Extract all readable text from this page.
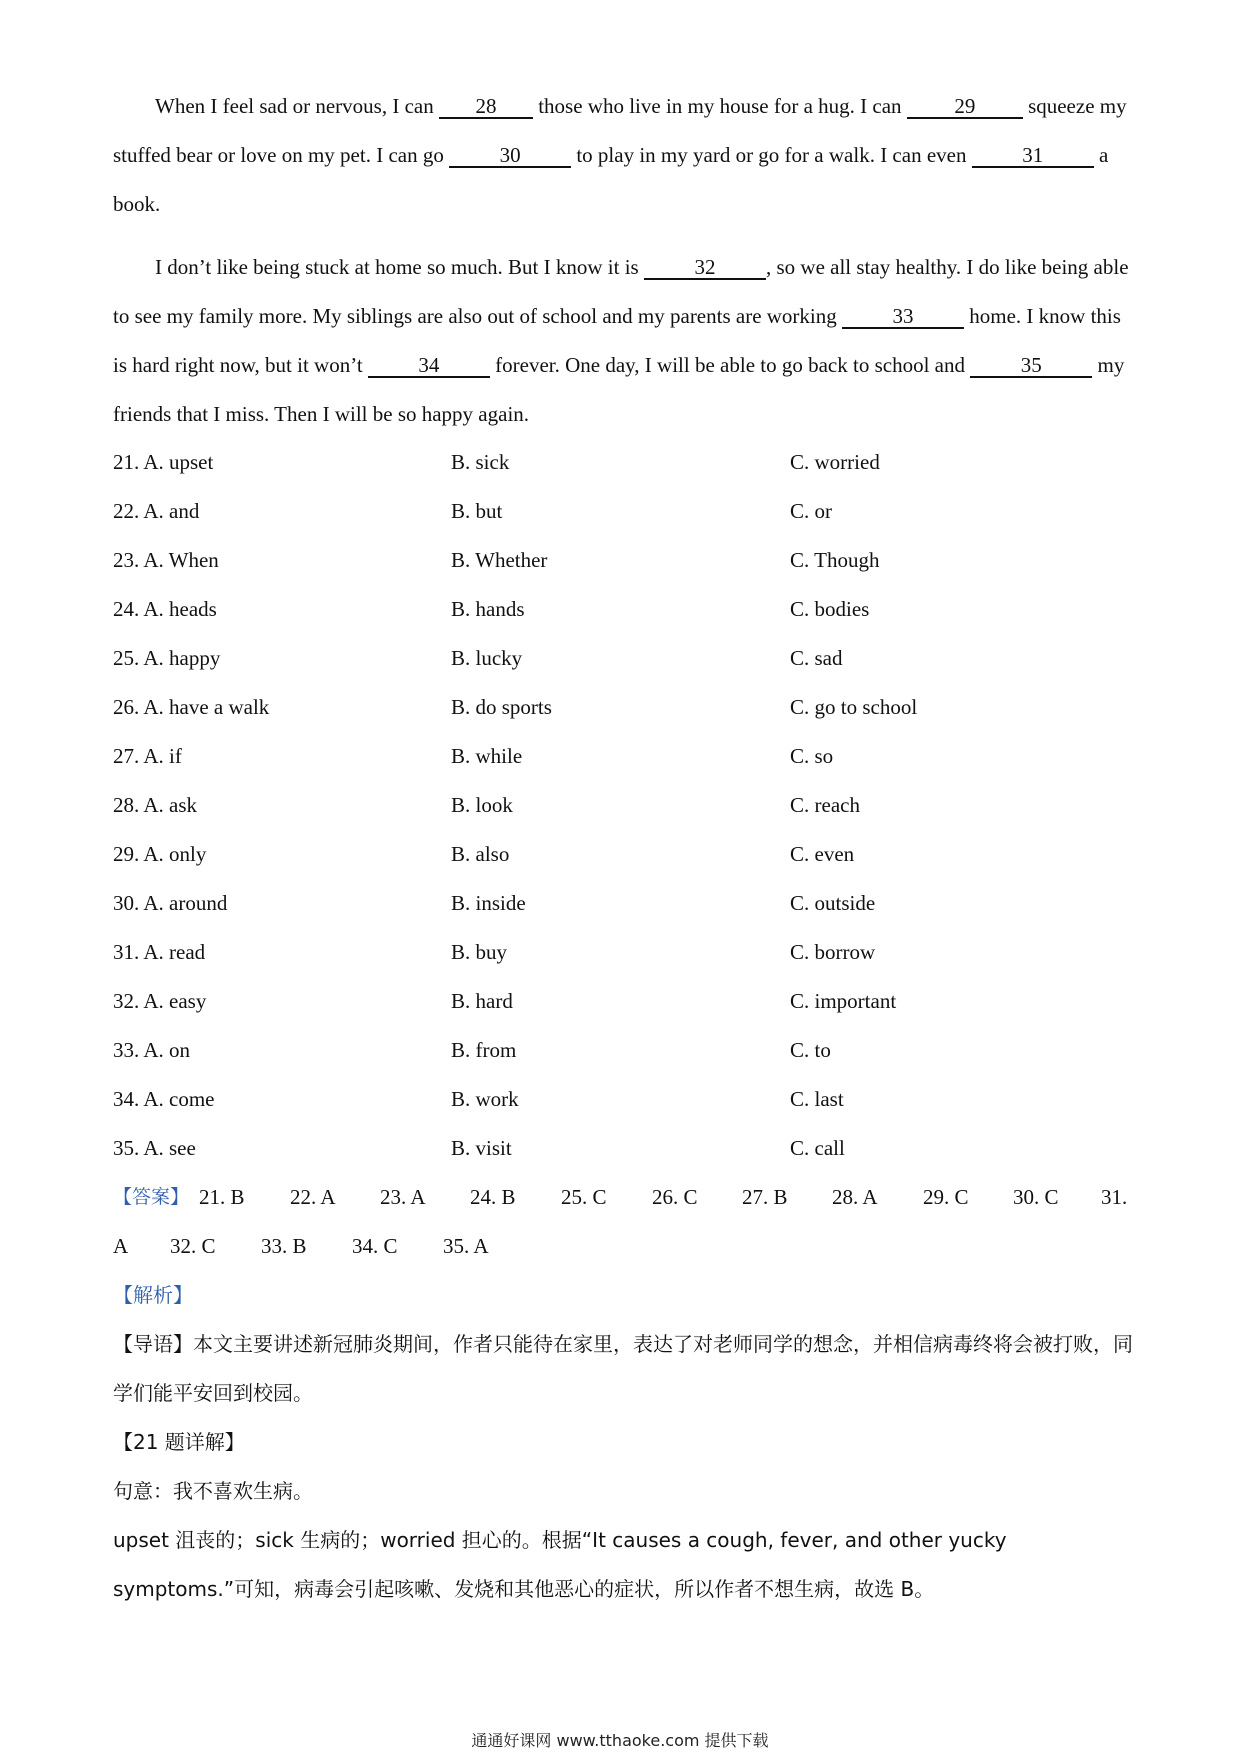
When I feel sad or nervous, I can 28 those who live in my house for a hug. I can 29 squeeze my stuffed bear or love on my pet. I can go 30 to play in my yard or go for a walk. I can even 31 a book.

I don’t like being stuck at home so much. But I know it is 32 , so we all stay healthy. I do like being able to see my family more. My siblings are also out of school and my parents are working 33 home. I know this is hard right now, but it won’t 34 forever. One day, I will be able to go back to school and 35 my friends that I miss. Then I will be so happy again.

21. A. upset	B. sick	C. worried
22. A. and	B. but	C. or
23. A. When	B. Whether	C. Though
24. A. heads	B. hands	C. bodies
25. A. happy	B. lucky	C. sad
26. A. have a walk	B. do sports	C. go to school
27. A. if	B. while	C. so
28. A. ask	B. look	C. reach
29. A. only	B. also	C. even
30. A. around	B. inside	C. outside
31. A. read	B. buy	C. borrow
32. A. easy	B. hard	C. important
33. A. on	B. from	C. to
34. A. come	B. work	C. last
35. A. see	B. visit	C. call
【答案】 21. B 22. A 23. A 24. B 25. C 26. C 27. B 28. A 29. C 30. C 31.
A 32. C 33. B 34. C 35. A

【解析】

【导语】本文主要讲述新冠肺炎期间，作者只能待在家里，表达了对老师同学的想念，并相信病毒终将会被打败，同学们能平安回到校园。

【21 题详解】

句意：我不喜欢生病。

upset 沮丧的；sick 生病的；worried 担心的。根据“It causes a cough, fever, and other yucky symptoms.”可知，病毒会引起咳嗽、发烧和其他恶心的症状，所以作者不想生病，故选 B。

通通好课网 www.tthaoke.com 提供下载
